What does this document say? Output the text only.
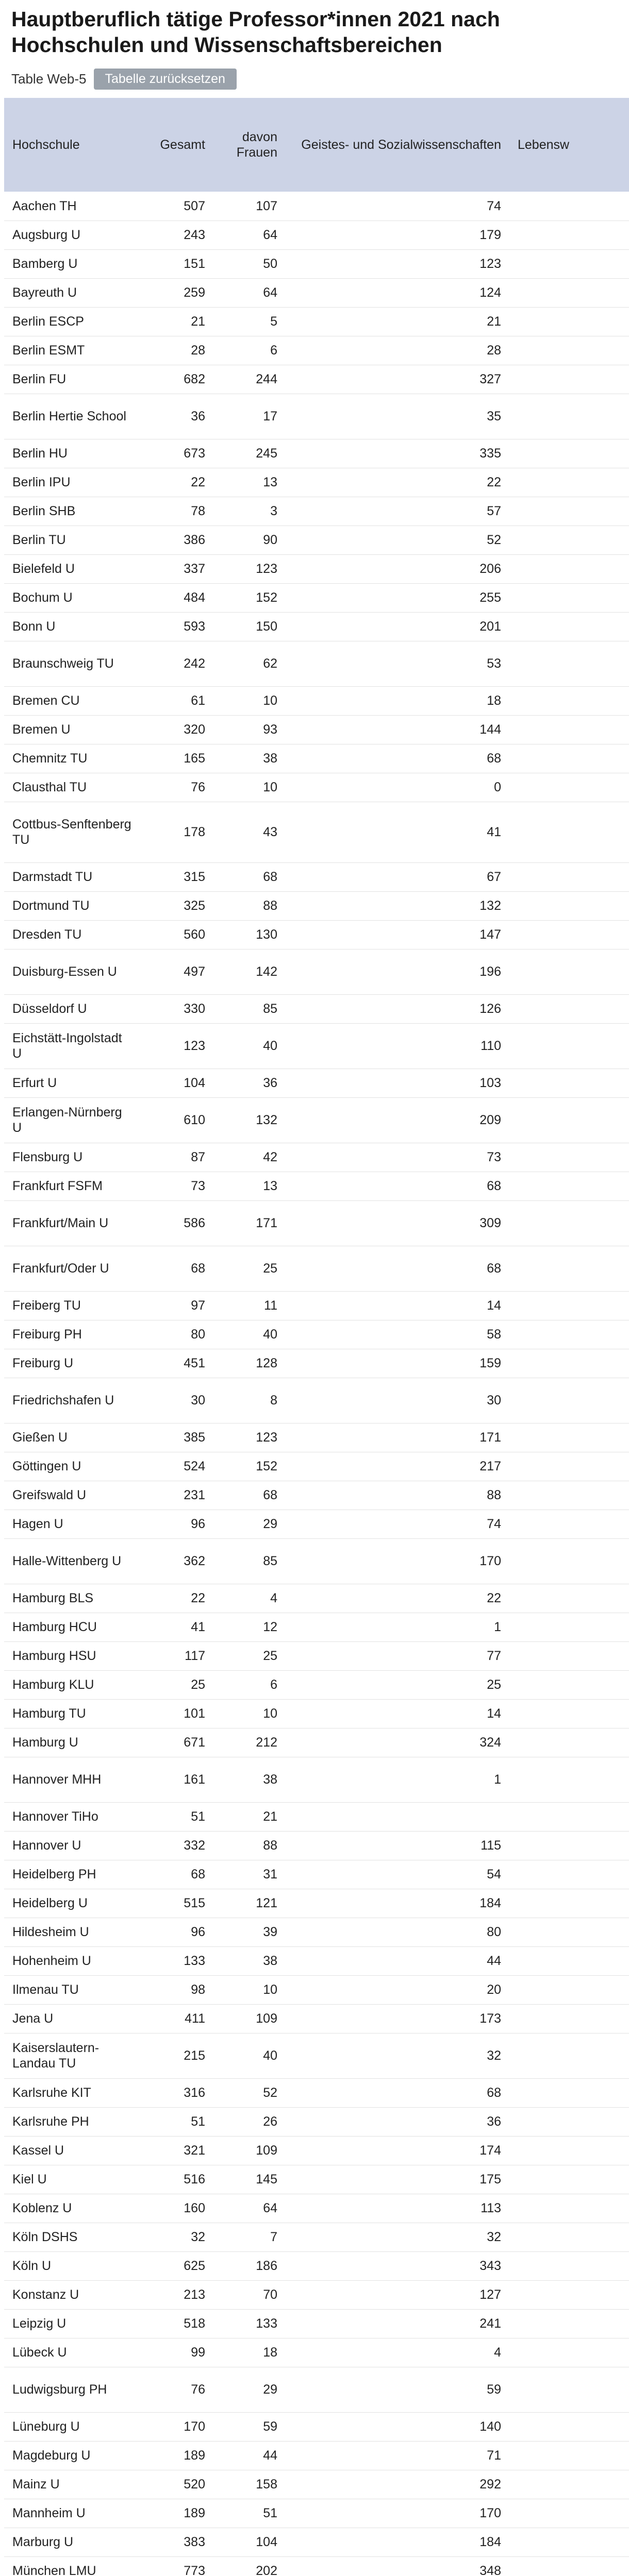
Hauptberuflich tätige Professor*innen 2021 nach Hochschulen und Wissenschaftsbereichen
Table Web-5	Tabelle zurücksetzen
Hochschule	Gesamt	davon Frauen	Geistes- und Sozialwissenschaften	Lebensw
Aachen TH	507	107	74	
Augsburg U	243	64	179	
Bamberg U	151	50	123	
Bayreuth U	259	64	124	
Berlin ESCP	21	5	21	
Berlin ESMT	28	6	28	
Berlin FU	682	244	327	
Berlin Hertie School	36	17	35	
Berlin HU	673	245	335	
Berlin IPU	22	13	22	
Berlin SHB	78	3	57	
Berlin TU	386	90	52	
Bielefeld U	337	123	206	
Bochum U	484	152	255	
Bonn U	593	150	201	
Braunschweig TU	242	62	53	
Bremen CU	61	10	18	
Bremen U	320	93	144	
Chemnitz TU	165	38	68	
Clausthal TU	76	10	0	
Cottbus-Senftenberg TU	178	43	41	
Darmstadt TU	315	68	67	
Dortmund TU	325	88	132	
Dresden TU	560	130	147	
Duisburg-Essen U	497	142	196	
Düsseldorf U	330	85	126	
Eichstätt-Ingolstadt U	123	40	110	
Erfurt U	104	36	103	
Erlangen-Nürnberg U	610	132	209	
Flensburg U	87	42	73	
Frankfurt FSFM	73	13	68	
Frankfurt/Main U	586	171	309	
Frankfurt/Oder U	68	25	68	
Freiberg TU	97	11	14	
Freiburg PH	80	40	58	
Freiburg U	451	128	159	
Friedrichshafen U	30	8	30	
Gießen U	385	123	171	
Göttingen U	524	152	217	
Greifswald U	231	68	88	
Hagen U	96	29	74	
Halle-Wittenberg U	362	85	170	
Hamburg BLS	22	4	22	
Hamburg HCU	41	12	1	
Hamburg HSU	117	25	77	
Hamburg KLU	25	6	25	
Hamburg TU	101	10	14	
Hamburg U	671	212	324	
Hannover MHH	161	38	1	
Hannover TiHo	51	21		
Hannover U	332	88	115	
Heidelberg PH	68	31	54	
Heidelberg U	515	121	184	
Hildesheim U	96	39	80	
Hohenheim U	133	38	44	
Ilmenau TU	98	10	20	
Jena U	411	109	173	
Kaiserslautern-Landau TU	215	40	32	
Karlsruhe KIT	316	52	68	
Karlsruhe PH	51	26	36	
Kassel U	321	109	174	
Kiel U	516	145	175	
Koblenz U	160	64	113	
Köln DSHS	32	7	32	
Köln U	625	186	343	
Konstanz U	213	70	127	
Leipzig U	518	133	241	
Lübeck U	99	18	4	
Ludwigsburg PH	76	29	59	
Lüneburg U	170	59	140	
Magdeburg U	189	44	71	
Mainz U	520	158	292	
Mannheim U	189	51	170	
Marburg U	383	104	184	
München LMU	773	202	348	
